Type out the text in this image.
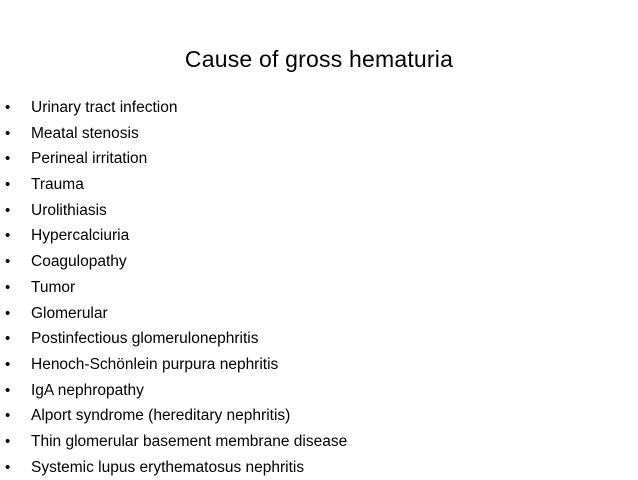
Cause of gross hematuria
• Urinary tract infection
• Meatal stenosis
• Perineal irritation
• Trauma
• Urolithiasis
• Hypercalciuria
• Coagulopathy
• Tumor
• Glomerular
• Postinfectious glomerulonephritis
• Henoch-Schönlein purpura nephritis
• IgA nephropathy
• Alport syndrome (hereditary nephritis)
• Thin glomerular basement membrane disease
• Systemic lupus erythematosus nephritis
